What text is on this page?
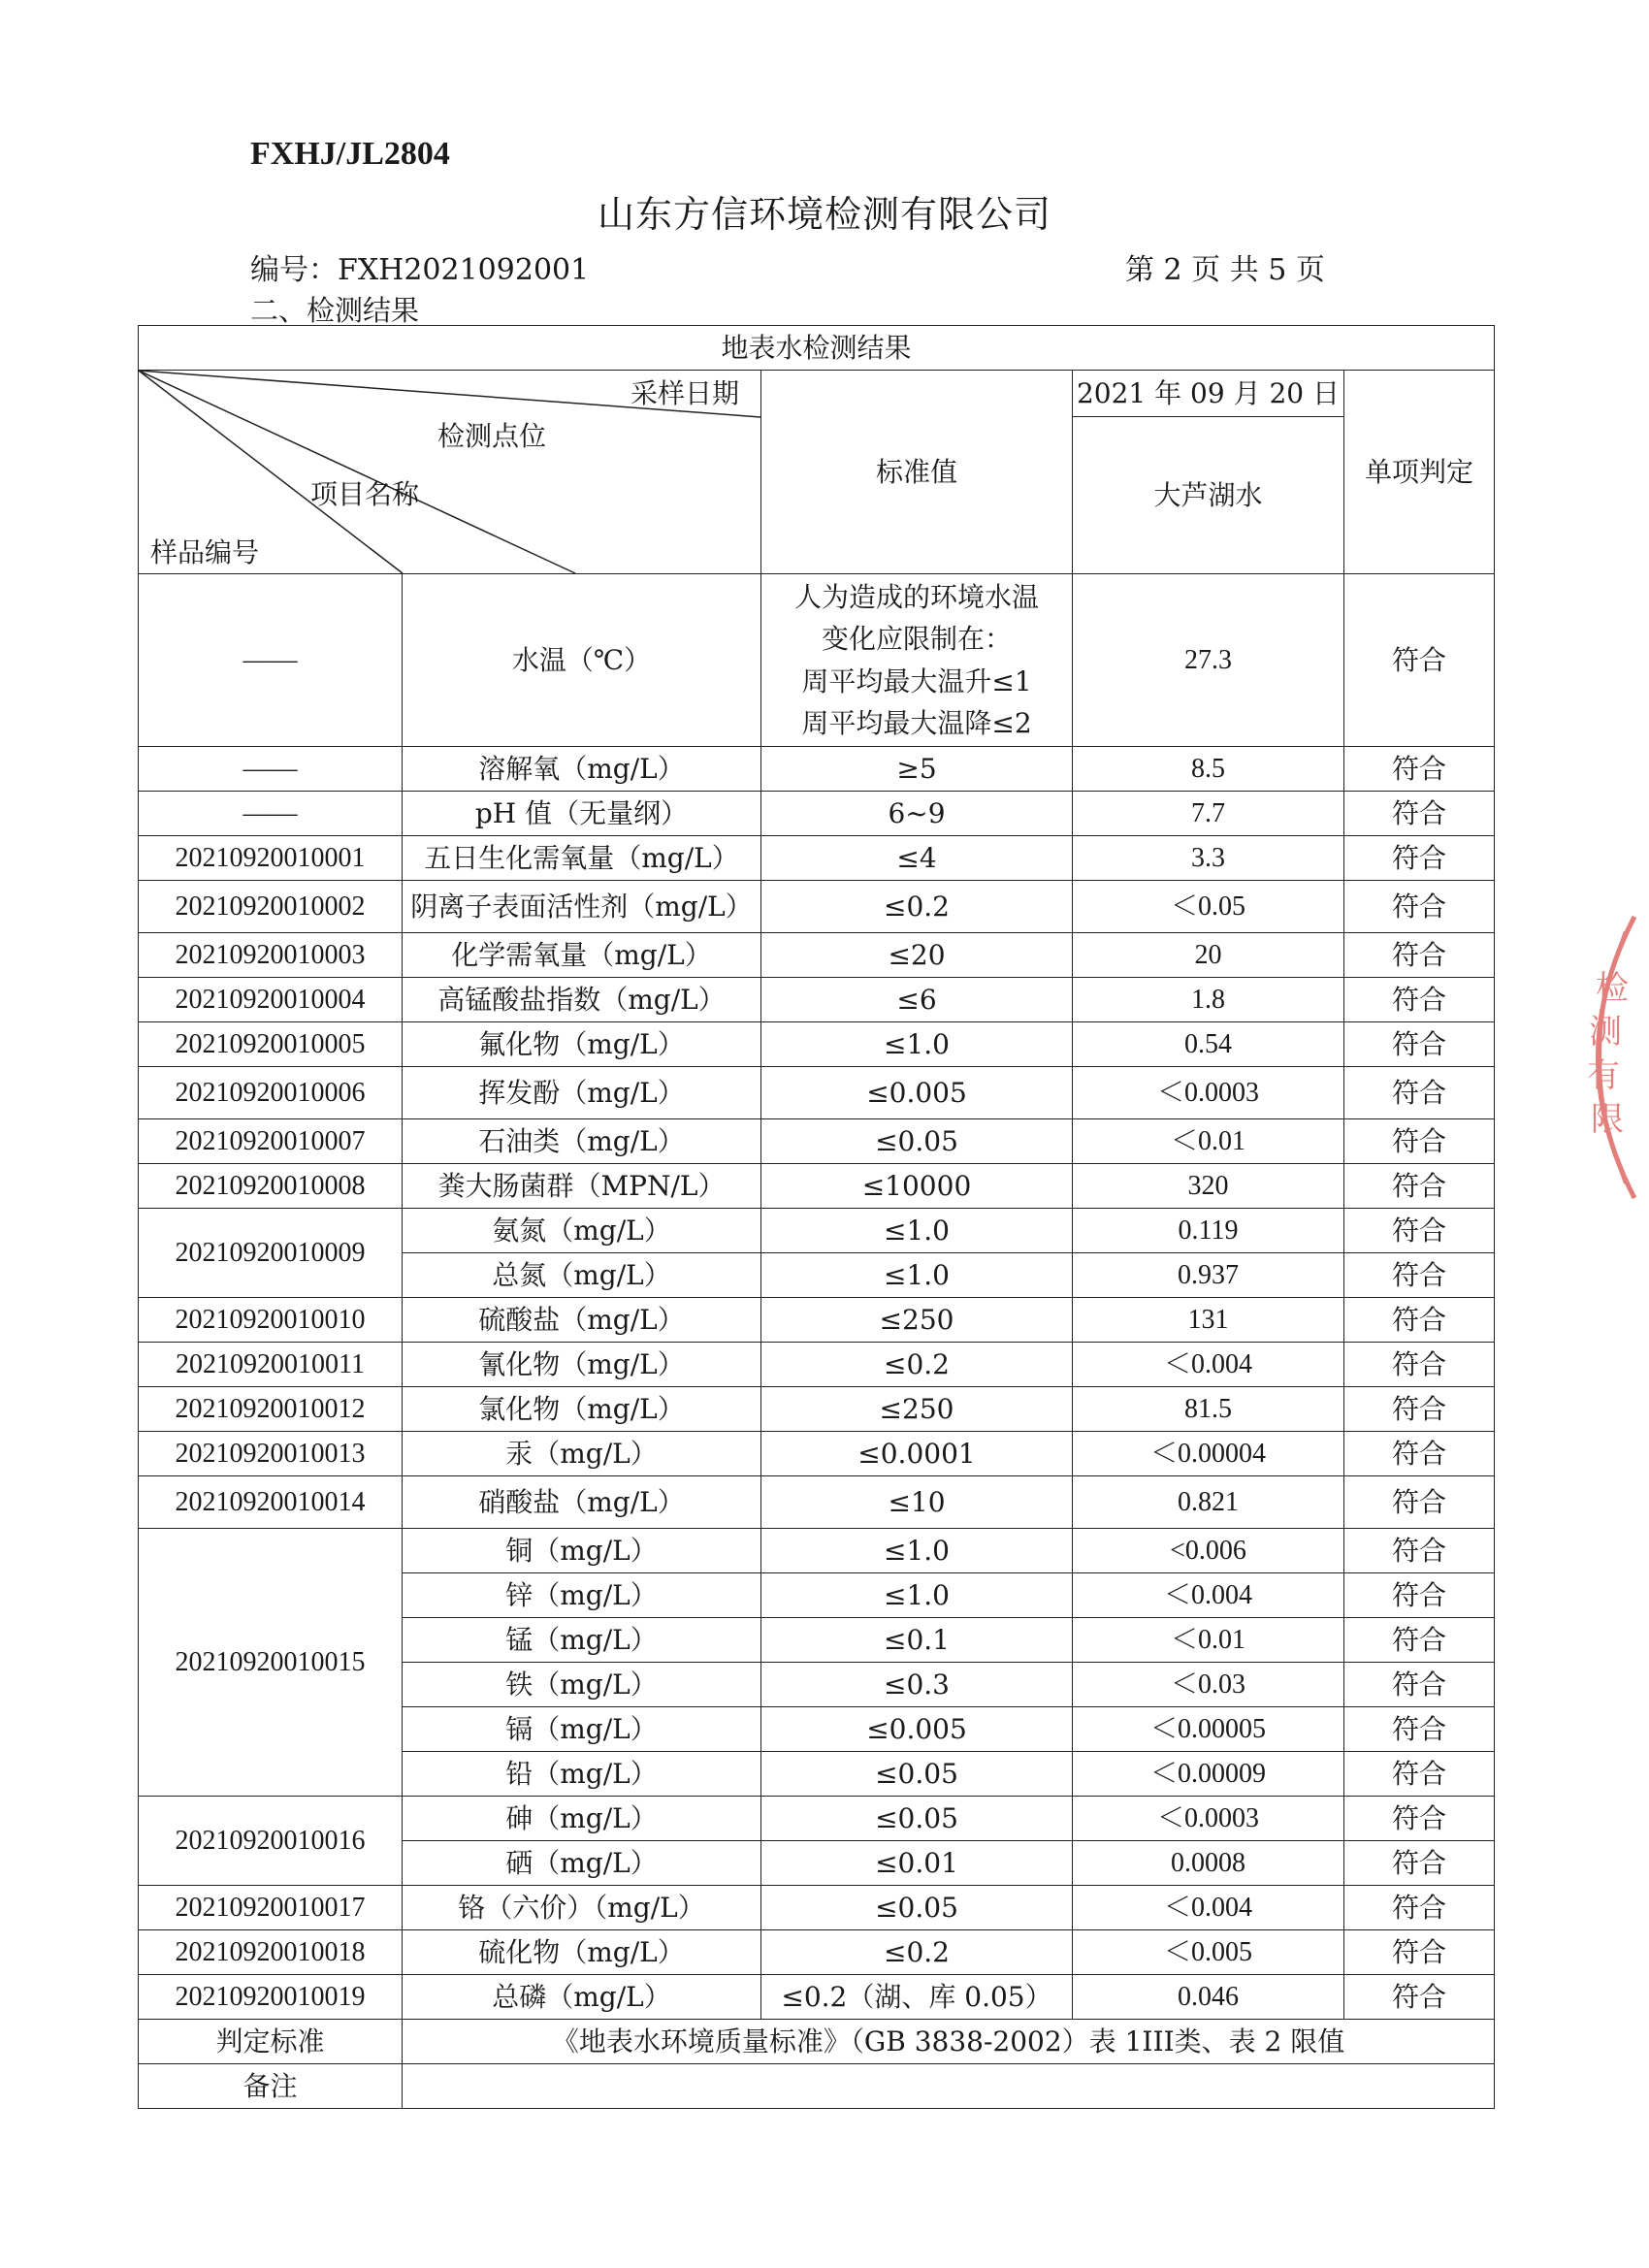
FXHJ/JL2804
山东方信环境检测有限公司
编号：FXH2021092001	第 2 页 共 5 页
二、检测结果
地表水检测结果				

采样日期
检测点位
项目名称
样品编号		标准值	2021 年 09 月 20 日	单项判定
			大芦湖水	
——	水温（℃）	人为造成的环境水温
变化应限制在：
周平均最大温升≤1
周平均最大温降≤2	27.3	符合
——	溶解氧（mg/L）	≥5	8.5	符合
——	pH 值（无量纲）	6~9	7.7	符合
20210920010001	五日生化需氧量（mg/L）	≤4	3.3	符合
20210920010002	阴离子表面活性剂（mg/L）	≤0.2	＜0.05	符合
20210920010003	化学需氧量（mg/L）	≤20	20	符合
20210920010004	高锰酸盐指数（mg/L）	≤6	1.8	符合
20210920010005	氟化物（mg/L）	≤1.0	0.54	符合
20210920010006	挥发酚（mg/L）	≤0.005	＜0.0003	符合
20210920010007	石油类（mg/L）	≤0.05	＜0.01	符合
20210920010008	粪大肠菌群（MPN/L）	≤10000	320	符合
20210920010009	氨氮（mg/L）	≤1.0	0.119	符合
	总氮（mg/L）	≤1.0	0.937	符合
20210920010010	硫酸盐（mg/L）	≤250	131	符合
20210920010011	氰化物（mg/L）	≤0.2	＜0.004	符合
20210920010012	氯化物（mg/L）	≤250	81.5	符合
20210920010013	汞（mg/L）	≤0.0001	＜0.00004	符合
20210920010014	硝酸盐（mg/L）	≤10	0.821	符合
20210920010015	铜（mg/L）	≤1.0	<0.006	符合
	锌（mg/L）	≤1.0	＜0.004	符合
	锰（mg/L）	≤0.1	＜0.01	符合
	铁（mg/L）	≤0.3	＜0.03	符合
	镉（mg/L）	≤0.005	＜0.00005	符合
	铅（mg/L）	≤0.05	＜0.00009	符合
20210920010016	砷（mg/L）	≤0.05	＜0.0003	符合
	硒（mg/L）	≤0.01	0.0008	符合
20210920010017	铬（六价）（mg/L）	≤0.05	＜0.004	符合
20210920010018	硫化物（mg/L）	≤0.2	＜0.005	符合
20210920010019	总磷（mg/L）	≤0.2（湖、库 0.05）	0.046	符合
判定标准	《地表水环境质量标准》（GB 3838-2002）表 1III类、表 2 限值			
备注				
检
测
有
限
